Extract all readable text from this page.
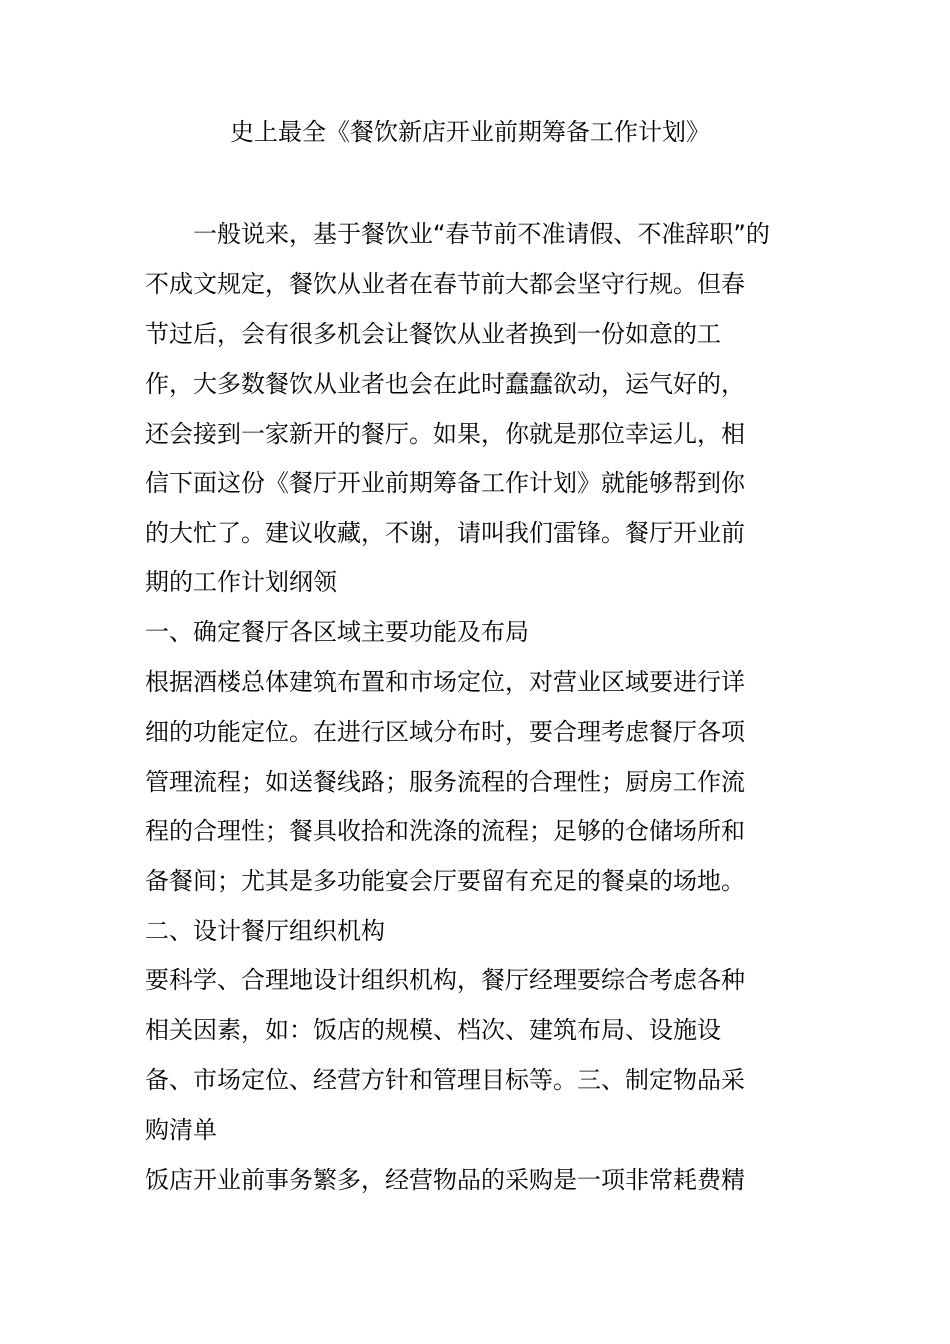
史上最全《餐饮新店开业前期筹备工作计划》
　　一般说来，基于餐饮业“春节前不准请假、不准辞职”的
不成文规定，餐饮从业者在春节前大都会坚守行规。但春
节过后，会有很多机会让餐饮从业者换到一份如意的工
作，大多数餐饮从业者也会在此时蠢蠢欲动，运气好的，
还会接到一家新开的餐厅。如果，你就是那位幸运儿，相
信下面这份《餐厅开业前期筹备工作计划》就能够帮到你
的大忙了。建议收藏，不谢，请叫我们雷锋。餐厅开业前
期的工作计划纲领
一、确定餐厅各区域主要功能及布局
根据酒楼总体建筑布置和市场定位，对营业区域要进行详
细的功能定位。在进行区域分布时，要合理考虑餐厅各项
管理流程；如送餐线路；服务流程的合理性；厨房工作流
程的合理性；餐具收拾和洗涤的流程；足够的仓储场所和
备餐间；尤其是多功能宴会厅要留有充足的餐桌的场地。
二、设计餐厅组织机构
要科学、合理地设计组织机构，餐厅经理要综合考虑各种
相关因素，如：饭店的规模、档次、建筑布局、设施设
备、市场定位、经营方针和管理目标等。三、制定物品采
购清单
饭店开业前事务繁多，经营物品的采购是一项非常耗费精
